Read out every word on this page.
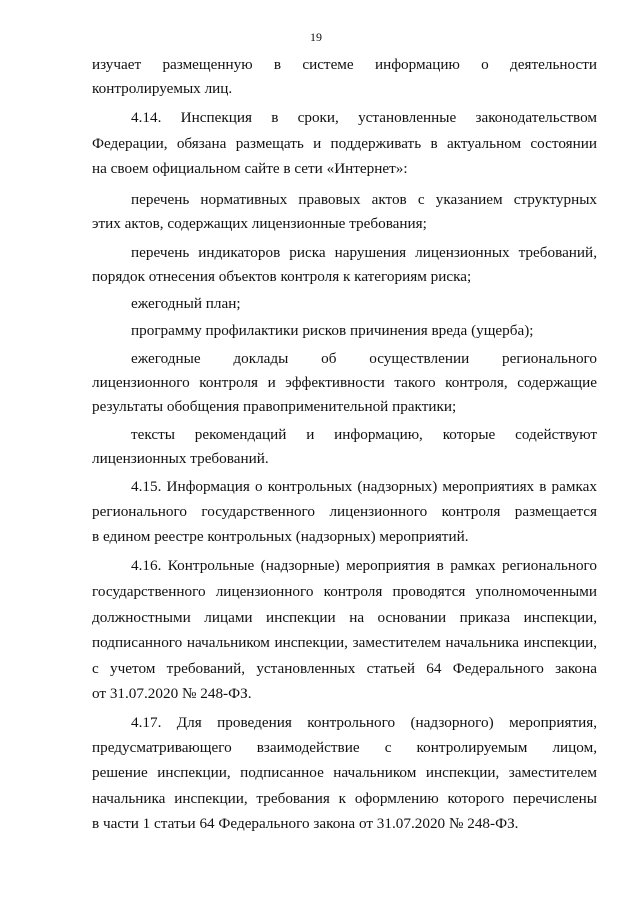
19
изучает размещенную в системе информацию о деятельности
контролируемых лиц.
4.14. Инспекция в сроки, установленные законодательством
Федерации, обязана размещать и поддерживать в актуальном состоянии
на своем официальном сайте в сети «Интернет»:
перечень нормативных правовых актов с указанием структурных
этих актов, содержащих лицензионные требования;
перечень индикаторов риска нарушения лицензионных требований,
порядок отнесения объектов контроля к категориям риска;
ежегодный план;
программу профилактики рисков причинения вреда (ущерба);
ежегодные доклады об осуществлении регионального
лицензионного контроля и эффективности такого контроля, содержащие
результаты обобщения правоприменительной практики;
тексты рекомендаций и информацию, которые содействуют
лицензионных требований.
4.15. Информация о контрольных (надзорных) мероприятиях в рамках
регионального государственного лицензионного контроля размещается
в едином реестре контрольных (надзорных) мероприятий.
4.16. Контрольные (надзорные) мероприятия в рамках регионального
государственного лицензионного контроля проводятся уполномоченными
должностными лицами инспекции на основании приказа инспекции,
подписанного начальником инспекции, заместителем начальника инспекции,
с учетом требований, установленных статьей 64 Федерального закона
от 31.07.2020 № 248-ФЗ.
4.17. Для проведения контрольного (надзорного) мероприятия,
предусматривающего взаимодействие с контролируемым лицом,
решение инспекции, подписанное начальником инспекции, заместителем
начальника инспекции, требования к оформлению которого перечислены
в части 1 статьи 64 Федерального закона от 31.07.2020 № 248-ФЗ.
